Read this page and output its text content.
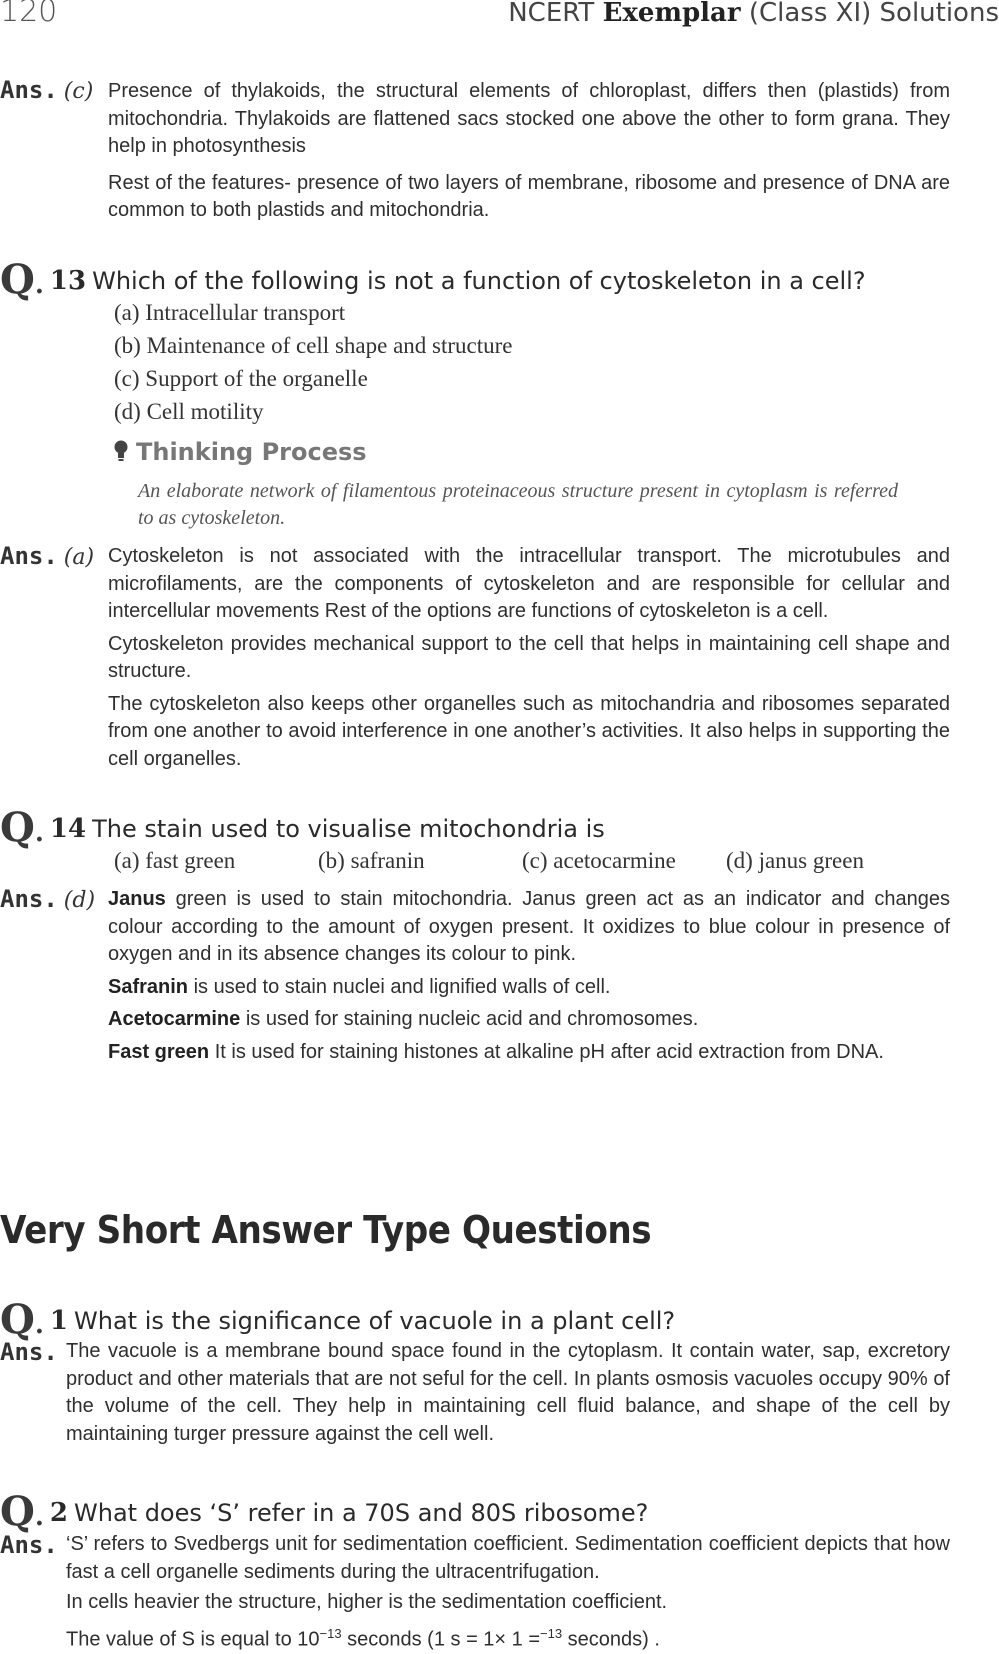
120	NCERT Exemplar (Class XI) Solutions
Ans. (c) Presence of thylakoids, the structural elements of chloroplast, differs then (plastids) from mitochondria. Thylakoids are flattened sacs stocked one above the other to form grana. They help in photosynthesis

Rest of the features- presence of two layers of membrane, ribosome and presence of DNA are common to both plastids and mitochondria.

Q. 13 Which of the following is not a function of cytoskeleton in a cell?
(a) Intracellular transport
(b) Maintenance of cell shape and structure
(c) Support of the organelle
(d) Cell motility
Thinking Process

An elaborate network of filamentous proteinaceous structure present in cytoplasm is referred to as cytoskeleton.

Ans. (a) Cytoskeleton is not associated with the intracellular transport. The microtubules and microfilaments, are the components of cytoskeleton and are responsible for cellular and intercellular movements Rest of the options are functions of cytoskeleton is a cell.

Cytoskeleton provides mechanical support to the cell that helps in maintaining cell shape and structure.

The cytoskeleton also keeps other organelles such as mitochandria and ribosomes separated from one another to avoid interference in one another’s activities. It also helps in supporting the cell organelles.

Q. 14 The stain used to visualise mitochondria is
(a) fast green	(b) safranin	(c) acetocarmine (d) janus green
Ans. (d) Janus green is used to stain mitochondria. Janus green act as an indicator and changes colour according to the amount of oxygen present. It oxidizes to blue colour in presence of oxygen and in its absence changes its colour to pink.

Safranin is used to stain nuclei and lignified walls of cell.

Acetocarmine is used for staining nucleic acid and chromosomes.

Fast green It is used for staining histones at alkaline pH after acid extraction from DNA.

Very Short Answer Type Questions
Q. 1 What is the significance of vacuole in a plant cell?
Ans. The vacuole is a membrane bound space found in the cytoplasm. It contain water, sap, excretory product and other materials that are not seful for the cell. In plants osmosis vacuoles occupy 90% of the volume of the cell. They help in maintaining cell fluid balance, and shape of the cell by maintaining turger pressure against the cell well.

Q. 2 What does ‘S’ refer in a 70S and 80S ribosome?
Ans. ‘S’ refers to Svedbergs unit for sedimentation coefficient. Sedimentation coefficient depicts that how fast a cell organelle sediments during the ultracentrifugation.

In cells heavier the structure, higher is the sedimentation coefficient.

The value of S is equal to $10^{-13}$ seconds (1 s = 1× 1 =$^{-13}$ seconds) .
